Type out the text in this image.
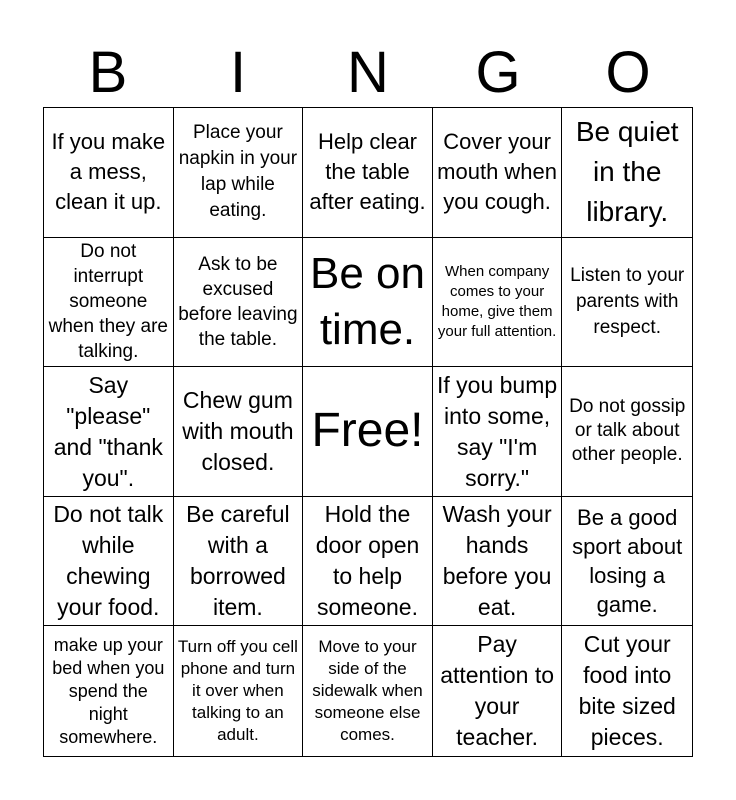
B	I	N	G	O
If you make a mess, clean it up.
Place your napkin in your lap while eating.
Help clear the table after eating.
Cover your mouth when you cough.
Be quiet in the library.
Do not interrupt someone when they are talking.
Ask to be excused before leaving the table.
Be on time.
When company comes to your home, give them your full attention.
Listen to your parents with respect.
Say "please" and "thank you".
Chew gum with mouth closed.
Free!
If you bump into some, say "I'm sorry."
Do not gossip or talk about other people.
Do not talk while chewing your food.
Be careful with a borrowed item.
Hold the door open to help someone.
Wash your hands before you eat.
Be a good sport about losing a game.
make up your bed when you spend the night somewhere.
Turn off you cell phone and turn it over when talking to an adult.
Move to your side of the sidewalk when someone else comes.
Pay attention to your teacher.
Cut your food into bite sized pieces.
